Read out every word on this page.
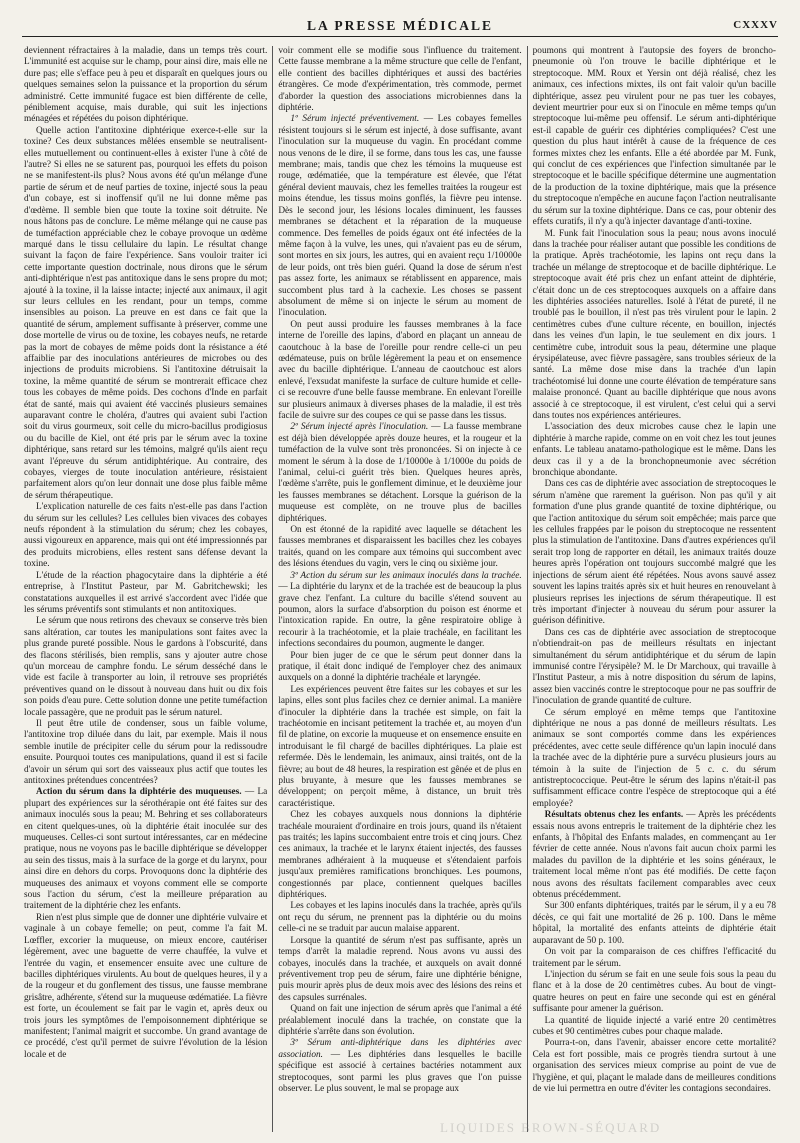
LA PRESSE MÉDICALE	CXXXV

deviennent réfractaires à la maladie, dans un temps très court. L'immunité est acquise sur le champ, pour ainsi dire, mais elle ne dure pas; elle s'efface peu à peu et disparaît en quelques jours ou quelques semaines selon la puissance et la proportion du sérum administré. Cette immunité fugace est bien différente de celle, péniblement acquise, mais durable, qui suit les injections ménagées et répétées du poison diphtérique.

Quelle action l'antitoxine diphtérique exerce-t-elle sur la toxine? Ces deux substances mêlées ensemble se neutralisent-elles mutuellement ou continuent-elles à exister l'une à côté de l'autre? Si elles ne se saturent pas, pourquoi les effets du poison ne se manifestent-ils plus? Nous avons été qu'un mélange d'une partie de sérum et de neuf parties de toxine, injecté sous la peau d'un cobaye, est si inoffensif qu'il ne lui donne même pas d'œdème. Il semble bien que toute la toxine soit détruite. Ne nous hâtons pas de conclure. Le même mélange qui ne cause pas de tuméfaction appréciable chez le cobaye provoque un œdème marqué dans le tissu cellulaire du lapin. Le résultat change suivant la façon de faire l'expérience. Sans vouloir traiter ici cette importante question doctrinale, nous dirons que le sérum anti-diphtérique n'est pas antitoxique dans le sens propre du mot; ajouté à la toxine, il la laisse intacte; injecté aux animaux, il agit sur leurs cellules en les rendant, pour un temps, comme insensibles au poison. La preuve en est dans ce fait que la quantité de sérum, amplement suffisante à préserver, comme une dose mortelle de virus ou de toxine, les cobayes neufs, ne retarde pas la mort de cobayes de même poids dont la résistance a été affaiblie par des inoculations antérieures de microbes ou des injections de produits microbiens. Si l'antitoxine détruisait la toxine, la même quantité de sérum se montrerait efficace chez tous les cobayes de même poids. Des cochons d'Inde en parfait état de santé, mais qui avaient été vaccinés plusieurs semaines auparavant contre le choléra, d'autres qui avaient subi l'action soit du virus gourmeux, soit celle du micro-bacillus prodigiosus ou du bacille de Kiel, ont été pris par le sérum avec la toxine diphtérique, sans retard sur les témoins, malgré qu'ils aient reçu avant l'épreuve du sérum antidiphtérique. Au contraire, des cobayes, vierges de toute inoculation antérieure, résistaient parfaitement alors qu'on leur donnait une dose plus faible même de sérum thérapeutique.

L'explication naturelle de ces faits n'est-elle pas dans l'action du sérum sur les cellules? Les cellules bien vivaces des cobayes neufs répondent à la stimulation du sérum; chez les cobayes, aussi vigoureux en apparence, mais qui ont été impressionnés par des produits microbiens, elles restent sans défense devant la toxine.

L'étude de la réaction phagocytaire dans la diphtérie a été entreprise, à l'Institut Pasteur, par M. Gabritchewski; les constatations auxquelles il est arrivé s'accordent avec l'idée que les sérums préventifs sont stimulants et non antitoxiques.

Le sérum que nous retirons des chevaux se conserve très bien sans altération, car toutes les manipulations sont faites avec la plus grande pureté possible. Nous le gardons à l'obscurité, dans des flacons stérilisés, bien remplis, sans y ajouter autre chose qu'un morceau de camphre fondu. Le sérum desséché dans le vide est facile à transporter au loin, il retrouve ses propriétés préventives quand on le dissout à nouveau dans huit ou dix fois son poids d'eau pure. Cette solution donne une petite tuméfaction locale passagère, que ne produit pas le sérum naturel.

Il peut être utile de condenser, sous un faible volume, l'antitoxine trop diluée dans du lait, par exemple. Mais il nous semble inutile de précipiter celle du sérum pour la redissoudre ensuite. Pourquoi toutes ces manipulations, quand il est si facile d'avoir un sérum qui sort des vaisseaux plus actif que toutes les antitoxines prétendues concentrées?

Action du sérum dans la diphtérie des muqueuses. — La plupart des expériences sur la sérothérapie ont été faites sur des animaux inoculés sous la peau; M. Behring et ses collaborateurs en citent quelques-unes, où la diphtérie était inoculée sur des muqueuses. Celles-ci sont surtout intéressantes, car en médecine pratique, nous ne voyons pas le bacille diphtérique se développer au sein des tissus, mais à la surface de la gorge et du larynx, pour ainsi dire en dehors du corps. Provoquons donc la diphtérie des muqueuses des animaux et voyons comment elle se comporte sous l'action du sérum, c'est la meilleure préparation au traitement de la diphtérie chez les enfants.

Rien n'est plus simple que de donner une diphtérie vulvaire et vaginale à un cobaye femelle; on peut, comme l'a fait M. Lœffler, excorier la muqueuse, on mieux encore, cautériser légèrement, avec une baguette de verre chauffée, la vulve et l'entrée du vagin, et ensemencer ensuite avec une culture de bacilles diphtériques virulents. Au bout de quelques heures, il y a de la rougeur et du gonflement des tissus, une fausse membrane grisâtre, adhérente, s'étend sur la muqueuse œdématiée. La fièvre est forte, un écoulement se fait par le vagin et, après deux ou trois jours les symptômes de l'empoisonnement diphtérique se manifestent; l'animal maigrit et succombe. Un grand avantage de ce procédé, c'est qu'il permet de suivre l'évolution de la lésion locale et de

voir comment elle se modifie sous l'influence du traitement. Cette fausse membrane a la même structure que celle de l'enfant, elle contient des bacilles diphtériques et aussi des bactéries étrangères. Ce mode d'expérimentation, très commode, permet d'aborder la question des associations microbiennes dans la diphtérie.

1º Sérum injecté préventivement. — Les cobayes femelles résistent toujours si le sérum est injecté, à dose suffisante, avant l'inoculation sur la muqueuse du vagin. En procédant comme nous venons de le dire, il se forme, dans tous les cas, une fausse membrane; mais, tandis que chez les témoins la muqueuse est rouge, œdématiée, que la température est élevée, que l'état général devient mauvais, chez les femelles traitées la rougeur est moins étendue, les tissus moins gonflés, la fièvre peu intense. Dès le second jour, les lésions locales diminuent, les fausses membranes se détachent et la réparation de la muqueuse commence. Des femelles de poids égaux ont été infectées de la même façon à la vulve, les unes, qui n'avaient pas eu de sérum, sont mortes en six jours, les autres, qui en avaient reçu 1/10000e de leur poids, ont très bien guéri. Quand la dose de sérum n'est pas assez forte, les animaux se rétablissent en apparence, mais succombent plus tard à la cachexie. Les choses se passent absolument de même si on injecte le sérum au moment de l'inoculation.

On peut aussi produire les fausses membranes à la face interne de l'oreille des lapins, d'abord en plaçant un anneau de caoutchouc à la base de l'oreille pour rendre celle-ci un peu œdémateuse, puis on brûle légèrement la peau et on ensemence avec du bacille diphtérique. L'anneau de caoutchouc est alors enlevé, l'exsudat manifeste la surface de culture humide et celle-ci se recouvre d'une belle fausse membrane. En enlevant l'oreille sur plusieurs animaux à diverses phases de la maladie, il est très facile de suivre sur des coupes ce qui se passe dans les tissus.

2º Sérum injecté après l'inoculation. — La fausse membrane est déjà bien développée après douze heures, et la rougeur et la tuméfaction de la vulve sont très prononcées. Si on injecte à ce moment le sérum à la dose de 1/10000e à 1/1000e du poids de l'animal, celui-ci guérit très bien. Quelques heures après, l'œdème s'arrête, puis le gonflement diminue, et le deuxième jour les fausses membranes se détachent. Lorsque la guérison de la muqueuse est complète, on ne trouve plus de bacilles diphtériques.

On est étonné de la rapidité avec laquelle se détachent les fausses membranes et disparaissent les bacilles chez les cobayes traités, quand on les compare aux témoins qui succombent avec des lésions étendues du vagin, vers le cinq ou sixième jour.

3º Action du sérum sur les animaux inoculés dans la trachée. — La diphtérie du larynx et de la trachée est de beaucoup la plus grave chez l'enfant. La culture du bacille s'étend souvent au poumon, alors la surface d'absorption du poison est énorme et l'intoxication rapide. En outre, la gêne respiratoire oblige à recourir à la trachéotomie, et la plaie trachéale, en facilitant les infections secondaires du poumon, augmente le danger.

Pour bien juger de ce que le sérum peut donner dans la pratique, il était donc indiqué de l'employer chez des animaux auxquels on a donné la diphtérie trachéale et laryngée.

Les expériences peuvent être faites sur les cobayes et sur les lapins, elles sont plus faciles chez ce dernier animal. La manière d'inoculer la diphtérie dans la trachée est simple, on fait la trachéotomie en incisant petitement la trachée et, au moyen d'un fil de platine, on excorie la muqueuse et on ensemence ensuite en introduisant le fil chargé de bacilles diphtériques. La plaie est refermée. Dès le lendemain, les animaux, ainsi traités, ont de la fièvre; au bout de 48 heures, la respiration est gênée et de plus en plus bruyante, à mesure que les fausses membranes se développent; on perçoit même, à distance, un bruit très caractéristique.

Chez les cobayes auxquels nous donnions la diphtérie trachéale mouraient d'ordinaire en trois jours, quand ils n'étaient pas traités; les lapins succombaient entre trois et cinq jours. Chez ces animaux, la trachée et le larynx étaient injectés, des fausses membranes adhéraient à la muqueuse et s'étendaient parfois jusqu'aux premières ramifications bronchiques. Les poumons, congestionnés par place, contiennent quelques bacilles diphtériques.

Les cobayes et les lapins inoculés dans la trachée, après qu'ils ont reçu du sérum, ne prennent pas la diphtérie ou du moins celle-ci ne se traduit par aucun malaise apparent.

Lorsque la quantité de sérum n'est pas suffisante, après un temps d'arrêt la maladie reprend. Nous avons vu aussi des cobayes, inoculés dans la trachée, et auxquels on avait donné préventivement trop peu de sérum, faire une diphtérie bénigne, puis mourir après plus de deux mois avec des lésions des reins et des capsules surrénales.

Quand on fait une injection de sérum après que l'animal a été préalablement inoculé dans la trachée, on constate que la diphtérie s'arrête dans son évolution.

3º Sérum anti-diphtérique dans les diphtéries avec association. — Les diphtéries dans lesquelles le bacille spécifique est associé à certaines bactéries notamment aux streptocoques, sont parmi les plus graves que l'on puisse observer. Le plus souvent, le mal se propage aux

poumons qui montrent à l'autopsie des foyers de broncho-pneumonie où l'on trouve le bacille diphtérique et le streptocoque. MM. Roux et Yersin ont déjà réalisé, chez les animaux, ces infections mixtes, ils ont fait valoir qu'un bacille diphtérique, assez peu virulent pour ne pas tuer les cobayes, devient meurtrier pour eux si on l'inocule en même temps qu'un streptocoque lui-même peu offensif. Le sérum anti-diphtérique est-il capable de guérir ces diphtéries compliquées? C'est une question du plus haut intérêt à cause de la fréquence de ces formes mixtes chez les enfants. Elle a été abordée par M. Funk, qui conclut de ces expériences que l'infection simultanée par le streptocoque et le bacille spécifique détermine une augmentation de la production de la toxine diphtérique, mais que la présence du streptocoque n'empêche en aucune façon l'action neutralisante du sérum sur la toxine diphtérique. Dans ce cas, pour obtenir des effets curatifs, il n'y a qu'à injecter davantage d'anti-toxine.

M. Funk fait l'inoculation sous la peau; nous avons inoculé dans la trachée pour réaliser autant que possible les conditions de la pratique. Après trachéotomie, les lapins ont reçu dans la trachée un mélange de streptocoque et de bacille diphtérique. Le streptocoque avait été pris chez un enfant atteint de diphtérie, c'était donc un de ces streptocoques auxquels on a affaire dans les diphtéries associées naturelles. Isolé à l'état de pureté, il ne troublé pas le bouillon, il n'est pas très virulent pour le lapin. 2 centimètres cubes d'une culture récente, en bouillon, injectés dans les veines d'un lapin, le tue seulement en dix jours. 1 centimètre cube, introduit sous la peau, détermine une plaque érysipélateuse, avec fièvre passagère, sans troubles sérieux de la santé. La même dose mise dans la trachée d'un lapin trachéotomisé lui donne une courte élévation de température sans malaise prononcé. Quant au bacille diphtérique que nous avons associé à ce streptocoque, il est virulent, c'est celui qui a servi dans toutes nos expériences antérieures.

L'association des deux microbes cause chez le lapin une diphtérie à marche rapide, comme on en voit chez les tout jeunes enfants. Le tableau anatamo-pathologique est le même. Dans les deux cas il y a de la bronchopneumonie avec sécrétion bronchique abondante.

Dans ces cas de diphtérie avec association de streptocoques le sérum n'amène que rarement la guérison. Non pas qu'il y ait formation d'une plus grande quantité de toxine diphtérique, ou que l'action antitoxique du sérum soit empêchée; mais parce que les cellules frappées par le poison du streptocoque ne ressentent plus la stimulation de l'antitoxine. Dans d'autres expériences qu'il serait trop long de rapporter en détail, les animaux traités douze heures après l'opération ont toujours succombé malgré que les injections de sérum aient été répétées. Nous avons sauvé assez souvent les lapins traités après six et huit heures en renouvelant à plusieurs reprises les injections de sérum thérapeutique. Il est très important d'injecter à nouveau du sérum pour assurer la guérison définitive.

Dans ces cas de diphtérie avec association de streptocoque n'obtiendrait-on pas de meilleurs résultats en injectant simultanément du sérum antidiphtérique et du sérum de lapin immunisé contre l'érysipèle? M. le Dr Marchoux, qui travaille à l'Institut Pasteur, a mis à notre disposition du sérum de lapins, assez bien vaccinés contre le streptocoque pour ne pas souffrir de l'inoculation de grande quantité de culture.

Ce sérum employé en même temps que l'antitoxine diphtérique ne nous a pas donné de meilleurs résultats. Les animaux se sont comportés comme dans les expériences précédentes, avec cette seule différence qu'un lapin inoculé dans la trachée avec de la diphtérie pure a survécu plusieurs jours au témoin à la suite de l'injection de 5 c. c. du sérum antistreptococcique. Peut-être le sérum des lapins n'était-il pas suffisamment efficace contre l'espèce de streptocoque qui a été employée?

Résultats obtenus chez les enfants. — Après les précédents essais nous avons entrepris le traitement de la diphtérie chez les enfants, à l'hôpital des Enfants malades, en commençant au 1er février de cette année. Nous n'avons fait aucun choix parmi les malades du pavillon de la diphtérie et les soins généraux, le traitement local même n'ont pas été modifiés. De cette façon nous avons des résultats facilement comparables avec ceux obtenus précédemment.

Sur 300 enfants diphtériques, traités par le sérum, il y a eu 78 décès, ce qui fait une mortalité de 26 p. 100. Dans le même hôpital, la mortalité des enfants atteints de diphtérie était auparavant de 50 p. 100.

On voit par la comparaison de ces chiffres l'efficacité du traitement par le sérum.

L'injection du sérum se fait en une seule fois sous la peau du flanc et à la dose de 20 centimètres cubes. Au bout de vingt-quatre heures on peut en faire une seconde qui est en général suffisante pour amener la guérison.

La quantité de liquide injecté a varié entre 20 centimètres cubes et 90 centimètres cubes pour chaque malade.

Pourra-t-on, dans l'avenir, abaisser encore cette mortalité? Cela est fort possible, mais ce progrès tiendra surtout à une organisation des services mieux comprise au point de vue de l'hygiène, et qui, plaçant le malade dans de meilleures conditions de vie lui permettra en outre d'éviter les contagions secondaires.

LIQUIDES BROWN-SÉQUARD
